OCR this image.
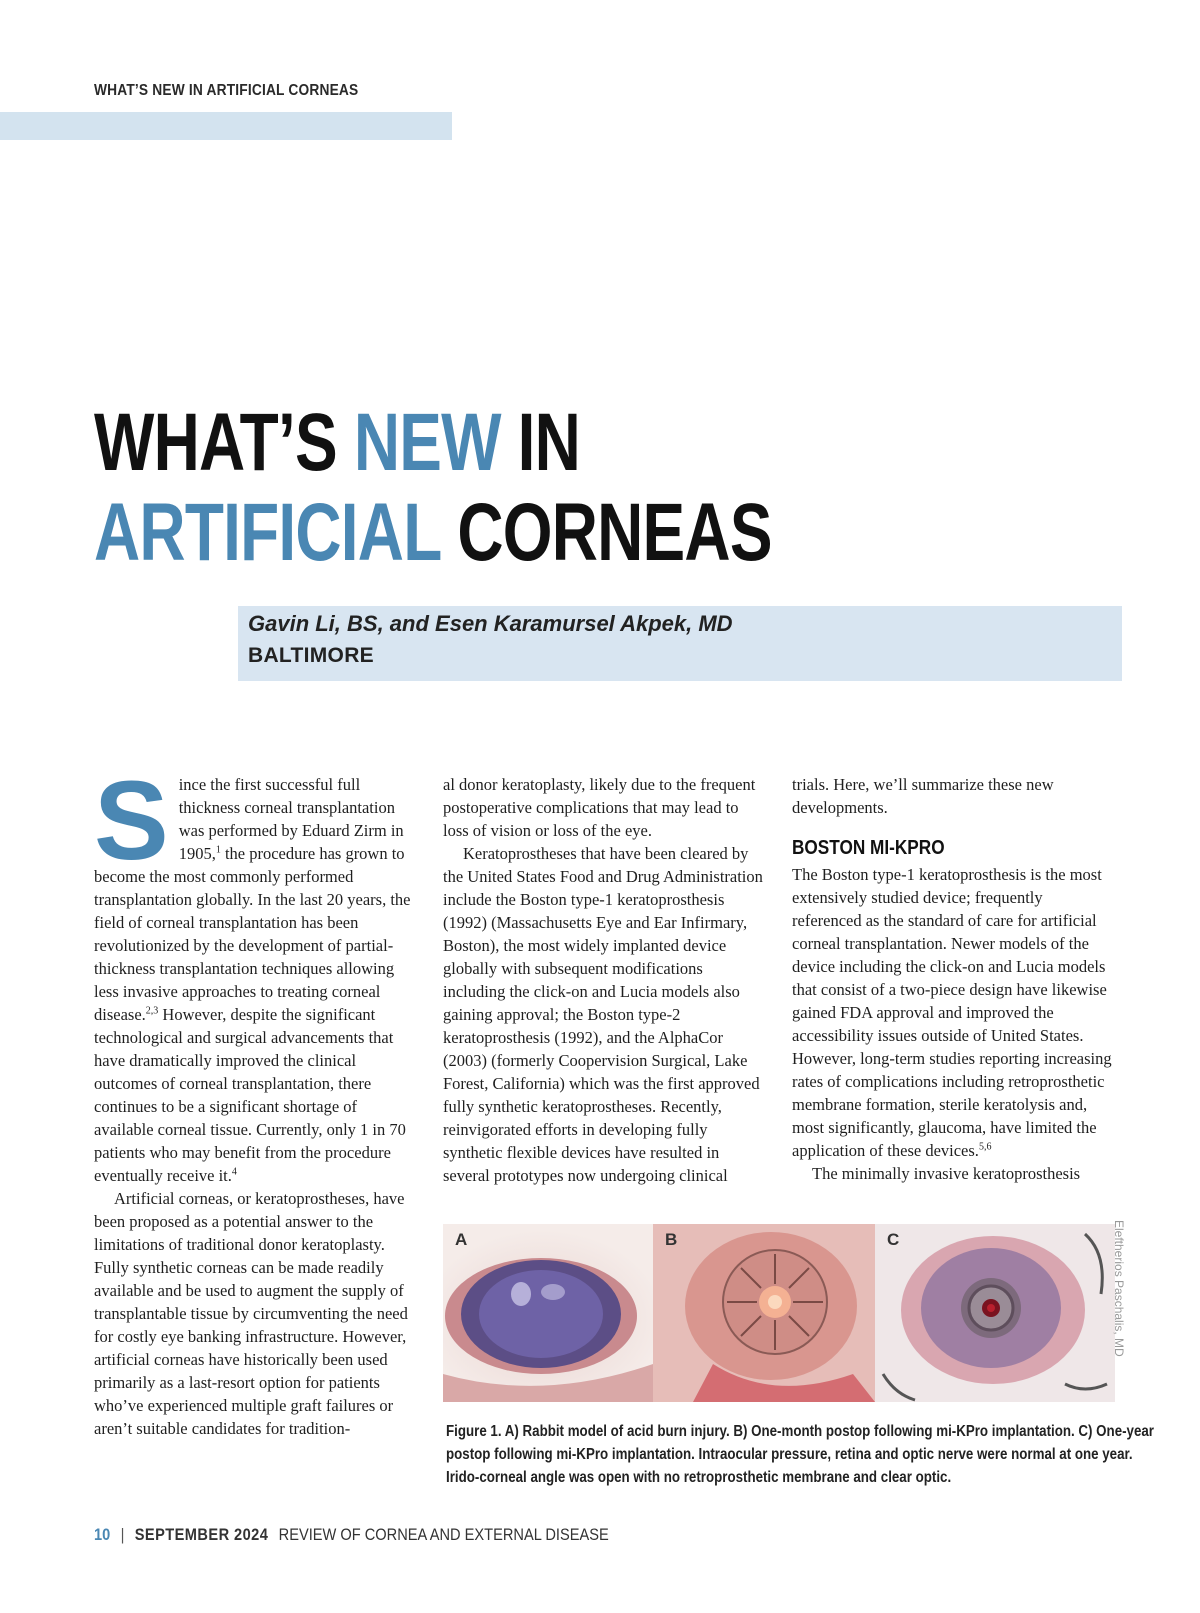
WHAT’S NEW IN ARTIFICIAL CORNEAS
WHAT’S NEW IN
ARTIFICIAL CORNEAS
Gavin Li, BS, and Esen Karamursel Akpek, MD
BALTIMORE

Since the first successful full thickness corneal transplantation was performed by Eduard Zirm in 1905,$^1$ the procedure has grown to become the most commonly performed transplantation globally. In the last 20 years, the field of corneal transplantation has been revolutionized by the development of partial-thickness transplantation techniques allowing less invasive approaches to treating corneal disease.$^{2,3}$ However, despite the significant technological and surgical advancements that have dramatically improved the clinical outcomes of corneal transplantation, there continues to be a significant shortage of available corneal tissue. Currently, only 1 in 70 patients who may benefit from the procedure eventually receive it.$^4$

Artificial corneas, or keratoprostheses, have been proposed as a potential answer to the limitations of traditional donor keratoplasty. Fully synthetic corneas can be made readily available and be used to augment the supply of transplantable tissue by circumventing the need for costly eye banking infrastructure. However, artificial corneas have historically been used primarily as a last-resort option for patients who’ve experienced multiple graft failures or aren’t suitable candidates for tradition-

al donor keratoplasty, likely due to the frequent postoperative complications that may lead to loss of vision or loss of the eye.

Keratoprostheses that have been cleared by the United States Food and Drug Administration include the Boston type-1 keratoprosthesis (1992) (Massachusetts Eye and Ear Infirmary, Boston), the most widely implanted device globally with subsequent modifications including the click-on and Lucia models also gaining approval; the Boston type-2 keratoprosthesis (1992), and the AlphaCor (2003) (formerly Coopervision Surgical, Lake Forest, California) which was the first approved fully synthetic keratoprostheses. Recently, reinvigorated efforts in developing fully synthetic flexible devices have resulted in several prototypes now undergoing clinical

trials. Here, we’ll summarize these new developments.

BOSTON MI-KPRO

The Boston type-1 keratoprosthesis is the most extensively studied device; frequently referenced as the standard of care for artificial corneal transplantation. Newer models of the device including the click-on and Lucia models that consist of a two-piece design have likewise gained FDA approval and improved the accessibility issues outside of United States. However, long-term studies reporting increasing rates of complications including retroprosthetic membrane formation, sterile keratolysis and, most significantly, glaucoma, have limited the application of these devices.$^{5,6}$

The minimally invasive keratoprosthesis

A	B	C	Eleftherios Paschalis, MD
Figure 1. A) Rabbit model of acid burn injury. B) One-month postop following mi-KPro implantation. C) One-year
postop following mi-KPro implantation. Intraocular pressure, retina and optic nerve were normal at one year.
Irido-corneal angle was open with no retroprosthetic membrane and clear optic.
10 | SEPTEMBER 2024 REVIEW OF CORNEA AND EXTERNAL DISEASE
